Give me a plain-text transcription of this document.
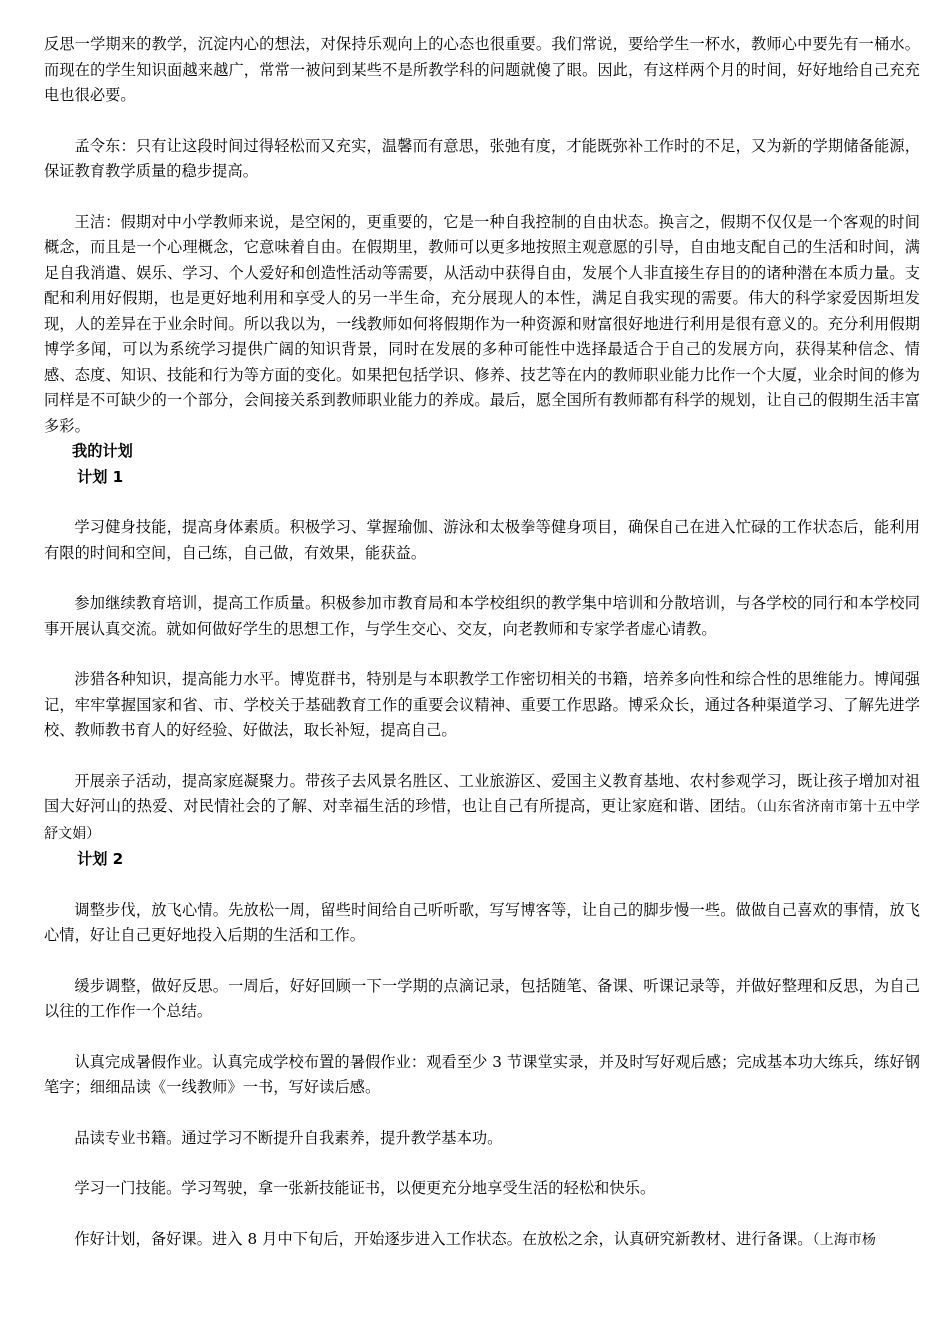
反思一学期来的教学，沉淀内心的想法，对保持乐观向上的心态也很重要。我们常说，要给学生一杯水，教师心中要先有一桶水。而现在的学生知识面越来越广，常常一被问到某些不是所教学科的问题就傻了眼。因此，有这样两个月的时间，好好地给自己充充电也很必要。

孟令东：只有让这段时间过得轻松而又充实，温馨而有意思，张弛有度，才能既弥补工作时的不足，又为新的学期储备能源，保证教育教学质量的稳步提高。

王洁：假期对中小学教师来说，是空闲的，更重要的，它是一种自我控制的自由状态。换言之，假期不仅仅是一个客观的时间概念，而且是一个心理概念，它意味着自由。在假期里，教师可以更多地按照主观意愿的引导，自由地支配自己的生活和时间，满足自我消遣、娱乐、学习、个人爱好和创造性活动等需要，从活动中获得自由，发展个人非直接生存目的的诸种潜在本质力量。支配和利用好假期，也是更好地利用和享受人的另一半生命，充分展现人的本性，满足自我实现的需要。伟大的科学家爱因斯坦发现，人的差异在于业余时间。所以我以为，一线教师如何将假期作为一种资源和财富很好地进行利用是很有意义的。充分利用假期博学多闻，可以为系统学习提供广阔的知识背景，同时在发展的多种可能性中选择最适合于自己的发展方向，获得某种信念、情感、态度、知识、技能和行为等方面的变化。如果把包括学识、修养、技艺等在内的教师职业能力比作一个大厦，业余时间的修为同样是不可缺少的一个部分，会间接关系到教师职业能力的养成。最后，愿全国所有教师都有科学的规划，让自己的假期生活丰富多彩。

我的计划
计划 1

学习健身技能，提高身体素质。积极学习、掌握瑜伽、游泳和太极拳等健身项目，确保自己在进入忙碌的工作状态后，能利用有限的时间和空间，自己练，自己做，有效果，能获益。

参加继续教育培训，提高工作质量。积极参加市教育局和本学校组织的教学集中培训和分散培训，与各学校的同行和本学校同事开展认真交流。就如何做好学生的思想工作，与学生交心、交友，向老教师和专家学者虚心请教。

涉猎各种知识，提高能力水平。博览群书，特别是与本职教学工作密切相关的书籍，培养多向性和综合性的思维能力。博闻强记，牢牢掌握国家和省、市、学校关于基础教育工作的重要会议精神、重要工作思路。博采众长，通过各种渠道学习、了解先进学校、教师教书育人的好经验、好做法，取长补短，提高自己。

开展亲子活动，提高家庭凝聚力。带孩子去风景名胜区、工业旅游区、爱国主义教育基地、农村参观学习，既让孩子增加对祖国大好河山的热爱、对民情社会的了解、对幸福生活的珍惜，也让自己有所提高，更让家庭和谐、团结。（山东省济南市第十五中学 舒文娟）

计划 2

调整步伐，放飞心情。先放松一周，留些时间给自己听听歌，写写博客等，让自己的脚步慢一些。做做自己喜欢的事情，放飞心情，好让自己更好地投入后期的生活和工作。

缓步调整，做好反思。一周后，好好回顾一下一学期的点滴记录，包括随笔、备课、听课记录等，并做好整理和反思，为自己以往的工作作一个总结。

认真完成暑假作业。认真完成学校布置的暑假作业：观看至少 3 节课堂实录，并及时写好观后感；完成基本功大练兵，练好钢笔字；细细品读《一线教师》一书，写好读后感。

品读专业书籍。通过学习不断提升自我素养，提升教学基本功。

学习一门技能。学习驾驶，拿一张新技能证书，以便更充分地享受生活的轻松和快乐。

作好计划，备好课。进入 8 月中下旬后，开始逐步进入工作状态。在放松之余，认真研究新教材、进行备课。（上海市杨
